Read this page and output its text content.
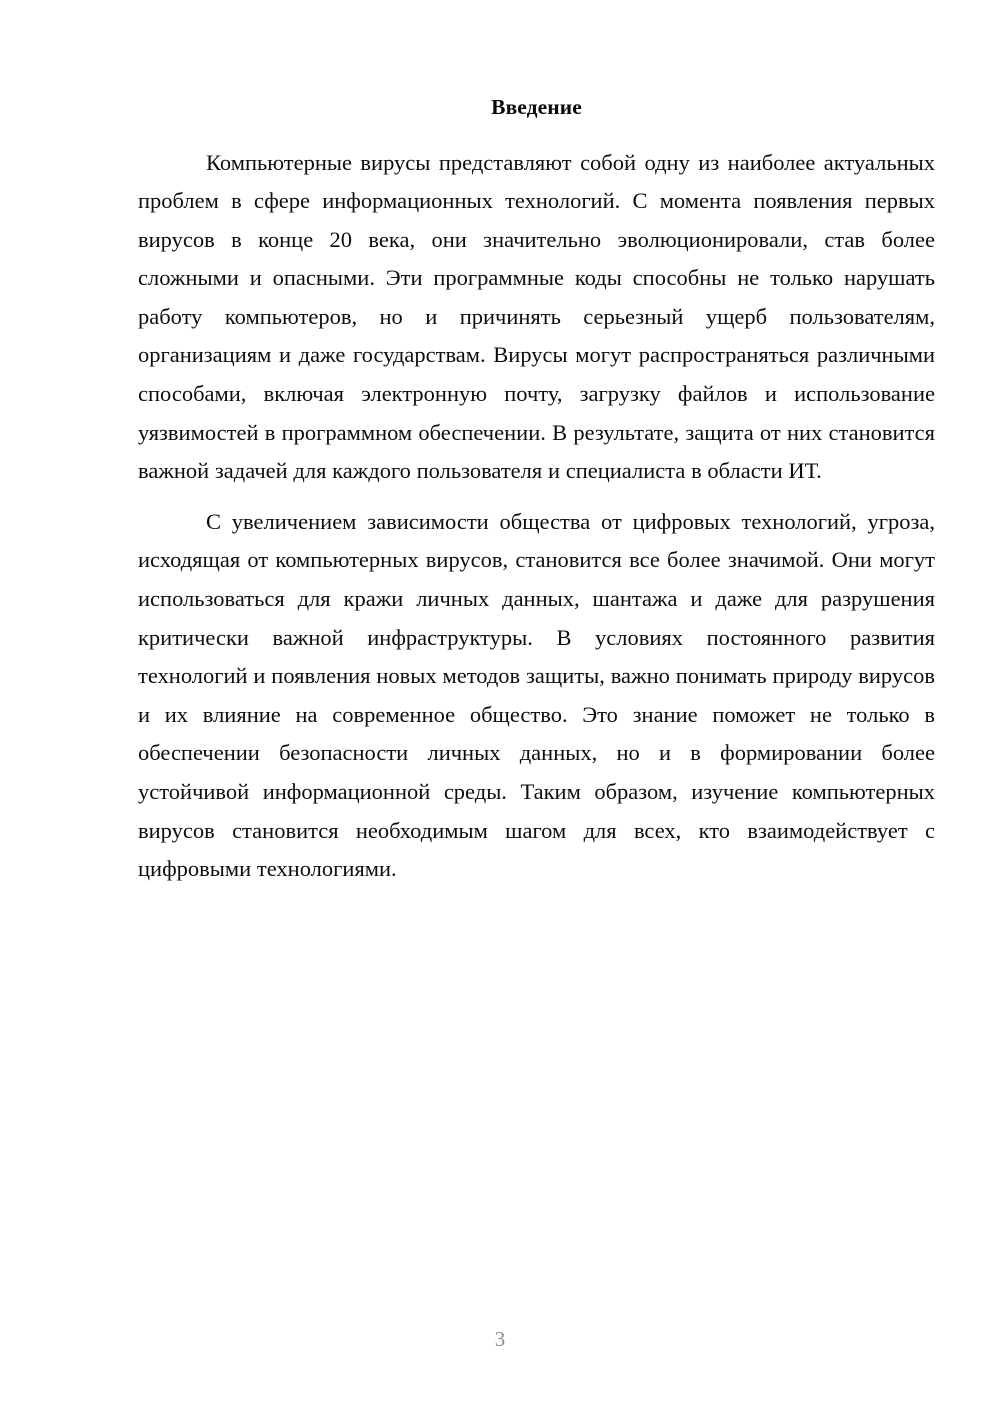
Введение

Компьютерные вирусы представляют собой одну из наиболее актуальных проблем в сфере информационных технологий. С момента появления первых вирусов в конце 20 века, они значительно эволюционировали, став более сложными и опасными. Эти программные коды способны не только нарушать работу компьютеров, но и причинять серьезный ущерб пользователям, организациям и даже государствам. Вирусы могут распространяться различными способами, включая электронную почту, загрузку файлов и использование уязвимостей в программном обеспечении. В результате, защита от них становится важной задачей для каждого пользователя и специалиста в области ИТ.

С увеличением зависимости общества от цифровых технологий, угроза, исходящая от компьютерных вирусов, становится все более значимой. Они могут использоваться для кражи личных данных, шантажа и даже для разрушения критически важной инфраструктуры. В условиях постоянного развития технологий и появления новых методов защиты, важно понимать природу вирусов и их влияние на современное общество. Это знание поможет не только в обеспечении безопасности личных данных, но и в формировании более устойчивой информационной среды. Таким образом, изучение компьютерных вирусов становится необходимым шагом для всех, кто взаимодействует с цифровыми технологиями.

3
